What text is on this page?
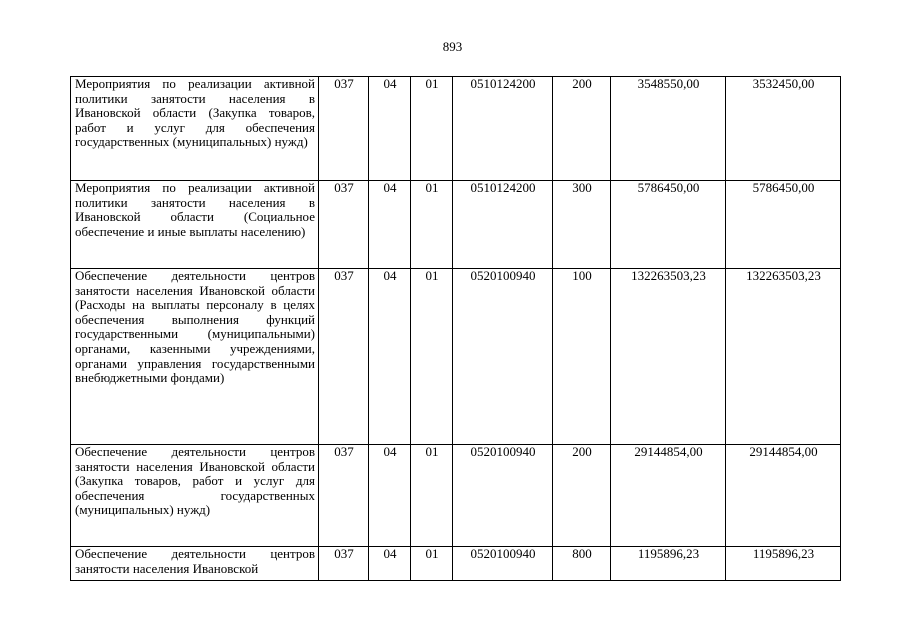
893
Мероприятия по реализации активной политики занятости населения в Ивановской области (Закупка товаров, работ и услуг для обеспечения государственных (муниципальных) нужд)	037	04	01	0510124200	200	3548550,00	3532450,00
Мероприятия по реализации активной политики занятости населения в Ивановской области (Социальное обеспечение и иные выплаты населению)	037	04	01	0510124200	300	5786450,00	5786450,00
Обеспечение деятельности центров занятости населения Ивановской области (Расходы на выплаты персоналу в целях обеспечения выполнения функций государственными (муниципальными) органами, казенными учреждениями, органами управления государственными внебюджетными фондами)	037	04	01	0520100940	100	132263503,23	132263503,23
Обеспечение деятельности центров занятости населения Ивановской области (Закупка товаров, работ и услуг для обеспечения государственных (муниципальных) нужд)	037	04	01	0520100940	200	29144854,00	29144854,00
Обеспечение деятельности центров занятости населения Ивановской	037	04	01	0520100940	800	1195896,23	1195896,23
